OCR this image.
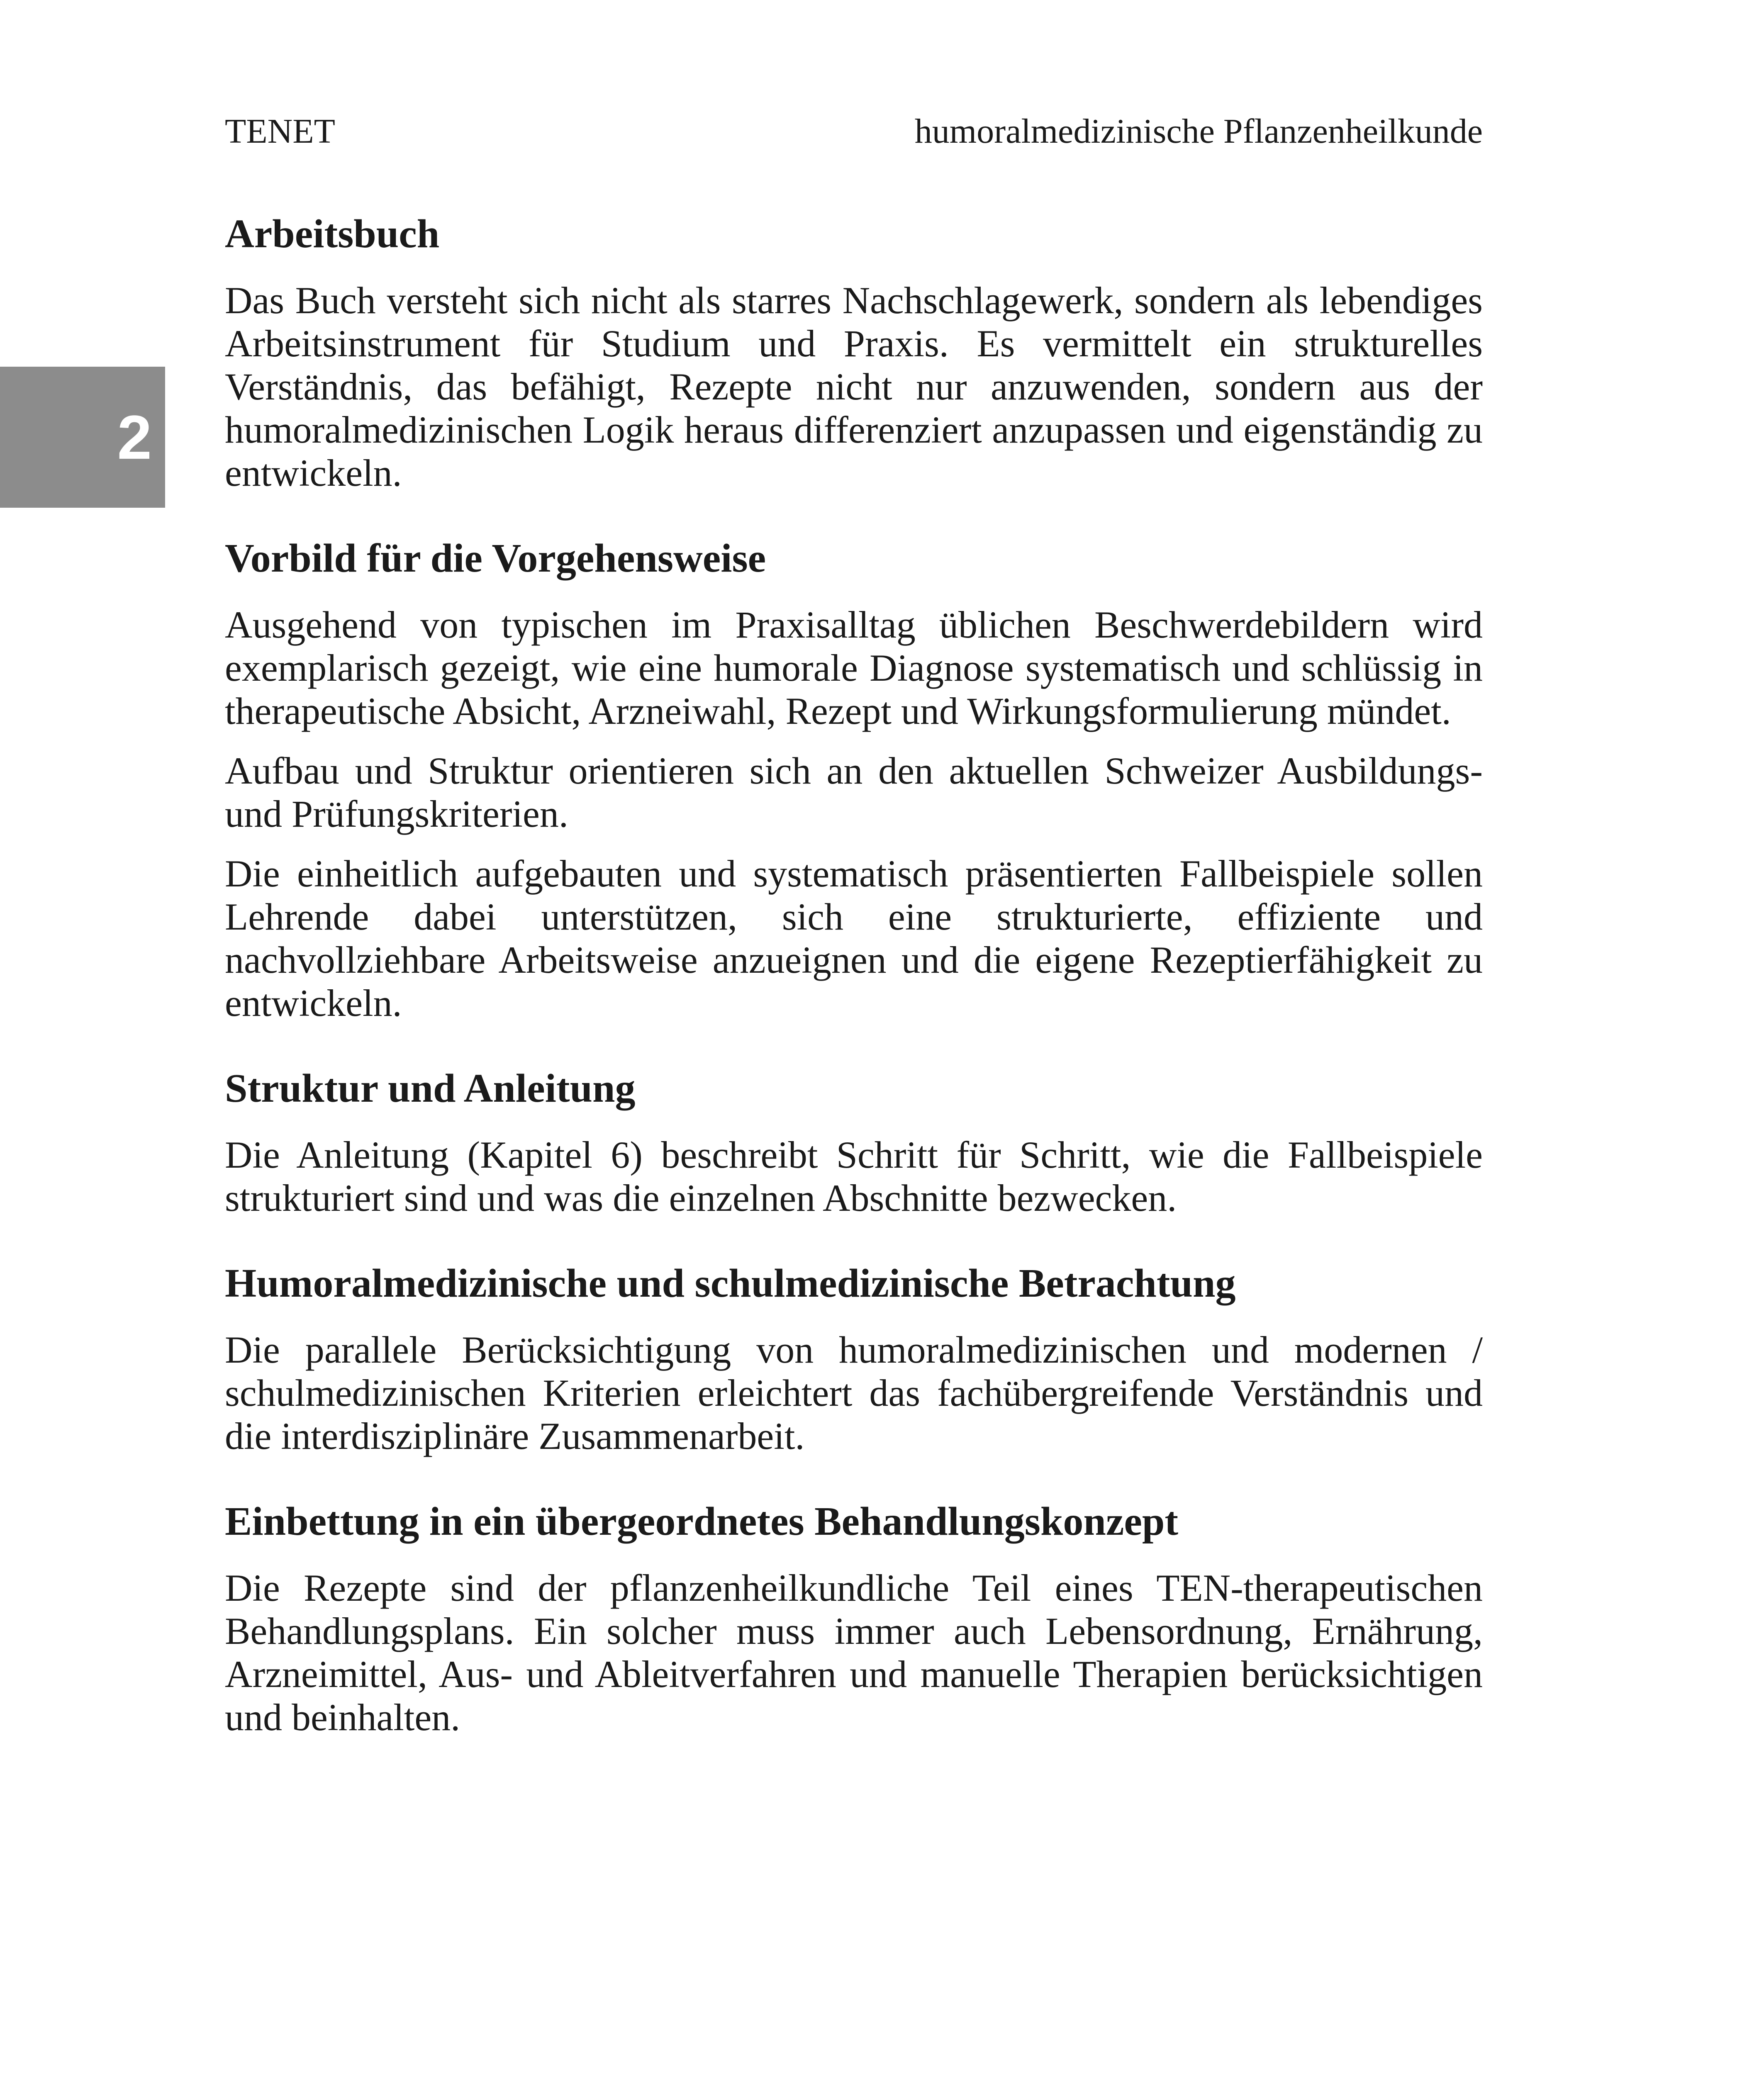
TENET	humoralmedizinische Pflanzenheilkunde
2
Arbeitsbuch

Das Buch versteht sich nicht als starres Nachschlagewerk, sondern als lebendiges Arbeitsinstrument für Studium und Praxis. Es vermittelt ein strukturelles Verständnis, das befähigt, Rezepte nicht nur anzuwenden, sondern aus der humoralmedizinischen Logik heraus differenziert anzupassen und eigenständig zu entwickeln.

Vorbild für die Vorgehensweise

Ausgehend von typischen im Praxisalltag üblichen Beschwerdebildern wird exemplarisch gezeigt, wie eine humorale Diagnose systematisch und schlüssig in therapeutische Absicht, Arzneiwahl, Rezept und Wirkungsformulierung mündet.

Aufbau und Struktur orientieren sich an den aktuellen Schweizer Ausbildungs- und Prüfungskriterien.

Die einheitlich aufgebauten und systematisch präsentierten Fallbeispiele sollen Lehrende dabei unterstützen, sich eine strukturierte, effiziente und nachvollziehbare Arbeitsweise anzueignen und die eigene Rezeptierfähigkeit zu entwickeln.

Struktur und Anleitung

Die Anleitung (Kapitel 6) beschreibt Schritt für Schritt, wie die Fallbeispiele strukturiert sind und was die einzelnen Abschnitte bezwecken.

Humoralmedizinische und schulmedizinische Betrachtung

Die parallele Berücksichtigung von humoralmedizinischen und modernen / schulmedizinischen Kriterien erleichtert das fachübergreifende Verständnis und die interdisziplinäre Zusammenarbeit.

Einbettung in ein übergeordnetes Behandlungskonzept

Die Rezepte sind der pflanzenheilkundliche Teil eines TEN-therapeutischen Behandlungsplans. Ein solcher muss immer auch Lebensordnung, Ernährung, Arzneimittel, Aus- und Ableitverfahren und manuelle Therapien berücksichtigen und beinhalten.
